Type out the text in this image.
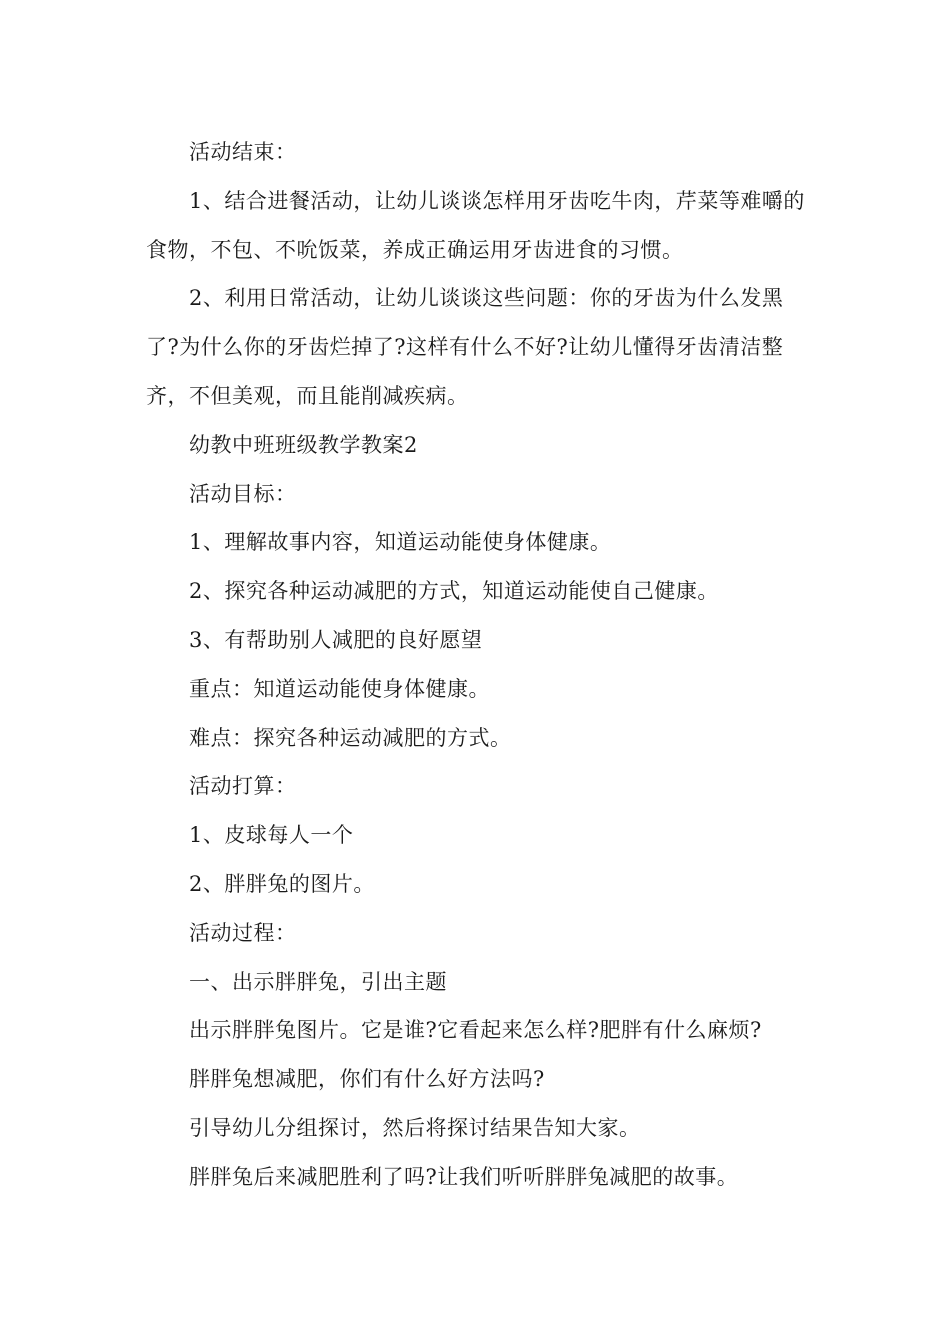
活动结束：

1、结合进餐活动，让幼儿谈谈怎样用牙齿吃牛肉，芹菜等难嚼的食物，不包、不吮饭菜，养成正确运用牙齿进食的习惯。

2、利用日常活动，让幼儿谈谈这些问题：你的牙齿为什么发黑了?为什么你的牙齿烂掉了?这样有什么不好?让幼儿懂得牙齿清洁整齐，不但美观，而且能削减疾病。

幼教中班班级教学教案2

活动目标：

1、理解故事内容，知道运动能使身体健康。

2、探究各种运动减肥的方式，知道运动能使自己健康。

3、有帮助别人减肥的良好愿望

重点：知道运动能使身体健康。

难点：探究各种运动减肥的方式。

活动打算：

1、皮球每人一个

2、胖胖兔的图片。

活动过程：

一、出示胖胖兔，引出主题

出示胖胖兔图片。它是谁?它看起来怎么样?肥胖有什么麻烦?

胖胖兔想减肥，你们有什么好方法吗?

引导幼儿分组探讨，然后将探讨结果告知大家。

胖胖兔后来减肥胜利了吗?让我们听听胖胖兔减肥的故事。
